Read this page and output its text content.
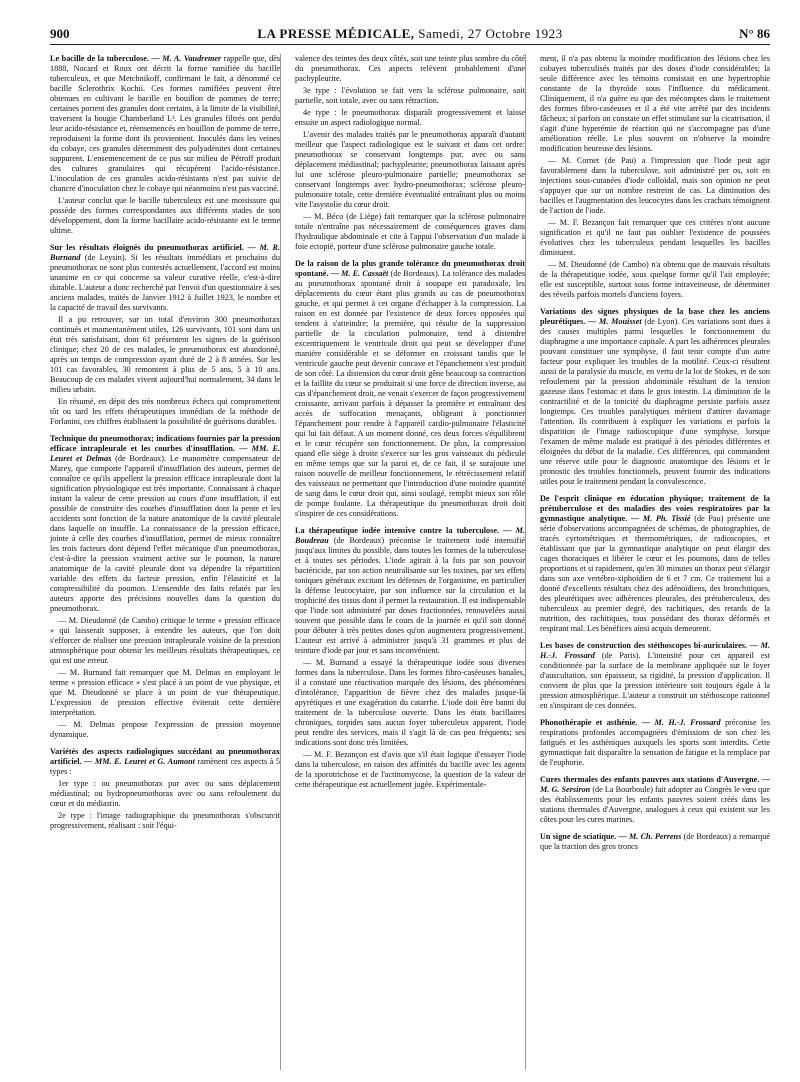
900	LA PRESSE MÉDICALE, Samedi, 27 Octobre 1923	N° 86

Le bacille de la tuberculose. — M. A. Vaudremer rappelle que, dès 1888, Nocard et Roux ont décrit la forme ramifiée du bacille tuberculeux, et que Metchnikoff, confirmant le fait, a dénommé ce bacille Sclerothrix Kochii. Ces formes ramifiées peuvent être obtenues en cultivant le bacille en bouillon de pommes de terre; certaines portent des granules dont certains, à la limite de la visibilité, traversent la bougie Chamberland L³. Les granules filtrés ont perdu leur acido-résistance et, réensemencés en bouillon de pomme de terre, reproduisent la forme dont ils proviennent. Inoculés dans les veines du cobaye, ces granules déterminent des polyadénites dont certaines suppurent. L'ensemencement de ce pus sur milieu de Pétroff produit des cultures granulaires qui récupèrent l'acido-résistance. L'inoculation de ces granules acido-résistants n'est pas suivie de chancre d'inoculation chez le cobaye qui néanmoins n'est pas vacciné.

L'auteur conclut que le bacille tuberculeux est une moisissure qui possède des formes correspondantes aux différents stades de son développement, dont la forme bacillaire acido-résistante est le terme ultime.

Sur les résultats éloignés du pneumothorax artificiel. — M. R. Burnand (de Leysin). Si les résultats immédiats et prochains du pneumothorax ne sont plus contestés actuellement, l'accord est moins unanime en ce qui concerne sa valeur curative réelle, c'est-à-dire durable. L'auteur a donc recherché par l'envoi d'un questionnaire à ses anciens malades, traités de Janvier 1912 à Juillet 1923, le nombre et la capacité de travail des survivants.

Il a pu retrouver, sur un total d'environ 300 pneumothorax continués et momentanément utiles, 126 survivants, 101 sont dans un état très satisfaisant, dont 61 présentent les signes de la guérison clinique; chez 20 de ces malades, le pneumothorax est abandonné, après un temps de compression ayant duré de 2 à 8 années. Sur les 101 cas favorables, 30 remontent à plus de 5 ans, 5 à 10 ans. Beaucoup de ces malades vivent aujourd'hui normalement, 34 dans le milieu urbain.

En résumé, en dépit des très nombreux échecs qui compromettent tôt ou tard les effets thérapeutiques immédiats de la méthode de Forlanini, ces chiffres établissent la possibilité de guérisons durables.

Technique du pneumothorax; indications fournies par la pression efficace intrapleurale et les courbes d'insufflation. — MM. E. Leuret et Delmas (de Bordeaux). Le manomètre compensateur de Marey, que comporte l'appareil d'insufflation des auteurs, permet de connaître ce qu'ils appellent la pression efficace intrapleurale dont la signification physiologique est très importante. Connaissant à chaque instant la valeur de cette pression au cours d'une insufflation, il est possible de construire des courbes d'insufflation dont la pente et les accidents sont fonction de la nature anatomique de la cavité pleurale dans laquelle on insuffle. La connaissance de la pression efficace, jointe à celle des courbes d'insufflation, permet de mieux connaître les trois facteurs dont dépend l'effet mécanique d'un pneumothorax, c'est-à-dire la pression vraiment active sur le poumon, la nature anatomique de la cavité pleurale dont va dépendre la répartition variable des effets du facteur pression, enfin l'élasticité et la compressibilité du poumon. L'ensemble des faits relatés par les auteurs apporte des précisions nouvelles dans la question du pneumothorax.

— M. Dieudonné (de Cambo) critique le terme « pression efficace » qui laisserait supposer, à entendre les auteurs, que l'on doit s'efforcer de réaliser une pression intrapleurale voisine de la pression atmosphérique pour obtenir les meilleurs résultats thérapeutiques, ce qui est une erreur.

— M. Burnand fait remarquer que M. Delmas en employant le terme « pression efficace » s'est placé à un point de vue physique, et que M. Dieudonné se place à un point de vue thérapeutique. L'expression de pression effective éviterait cette dernière interprétation.

— M. Delmas propose l'expression de pression moyenne dynamique.

Variétés des aspects radiologiques succédant au pneumothorax artificiel. — MM. E. Leuret et G. Aumont ramènent ces aspects à 5 types :

1er type : ou pneumothorax pur avec ou sans déplacement médiastinal; ou hydropneumothorax avec ou sans refoulement du cœur et du médiastin.

2e type : l'image radiographique du pneumothorax s'obscurcit progressivement, réalisant : soit l'équi-

valence des teintes des deux côtés, soit une teinte plus sombre du côté du pneumothorax. Ces aspects relèvent probablement d'une pachypleurite.

3e type : l'évolution se fait vers la sclérose pulmonaire, soit partielle, soit totale, avec ou sans rétraction.

4e type : le pneumothorax disparaît progressivement et laisse ensuite un aspect radiologique normal.

L'avenir des malades traités par le pneumothorax apparaît d'autant meilleur que l'aspect radiologique est le suivant et dans cet ordre: pneumothorax se conservant longtemps pur, avec ou sans déplacement médiastinal; pachypleurite; pneumothorax laissant après lui une sclérose pleuro-pulmonaire partielle; pneumothorax se conservant longtemps avec hydro-pneumothorax; sclérose pleuro-pulmonaire totale, cette dernière éventualité entraînant plus ou moins vite l'asystolie du cœur droit.

— M. Béco (de Liège) fait remarquer que la sclérose pulmonaire totale n'entraîne pas nécessairement de conséquences graves dans l'hydraulique abdominale et cite à l'appui l'observation d'un malade à foie ectopié, porteur d'une sclérose pulmonaire gauche totale.

De la raison de la plus grande tolérance du pneumothorax droit spontané. — M. E. Cassaët (de Bordeaux). La tolérance des malades au pneumothorax spontané droit à soupape est paradoxale, les déplacements du cœur étant plus grands au cas de pneumothorax gauche, et qui permet à cet organe d'échapper à la compression. La raison en est donnée par l'existence de deux forces opposées qui tendent à s'atteindre; la première, qui résulte de la suppression partielle de la circulation pulmonaire, tend à distendre excentriquement le ventricule droit qui peut se développer d'une manière considérable et se déformer en croissant tandis que le ventricule gauche peut devenir concave et l'épanchement s'est produit de son côté. La distension du cœur droit gêne beaucoup sa contraction et la faillite du cœur se produirait si une force de direction inverse, au cas d'épanchement droit, ne venait s'exercer de façon progressivement croissante, arrivant parfois à dépasser la première et entraînant des accès de suffocation menaçants, obligeant à ponctionner l'épanchement pour rendre à l'appareil cardio-pulmonaire l'élasticité qui lui fait défaut. A un moment donné, ces deux forces s'équilibrent et le cœur récupère son fonctionnement. De plus, la compression quand elle siège à droite s'exerce sur les gros vaisseaux du pédicule en même temps que sur la paroi et, de ce fait, il se surajoute une raison nouvelle de meilleur fonctionnement, le rétrécissement relatif des vaisseaux ne permettant que l'introduction d'une moindre quantité de sang dans le cœur droit qui, ainsi soulagé, remplit mieux son rôle de pompe foulante. La thérapeutique du pneumothorax droit doit s'inspirer de ces considérations.

La thérapeutique iodée intensive contre la tuberculose. — M. Boudreau (de Bordeaux) préconise le traitement iodé intensifié jusqu'aux limites du possible, dans toutes les formes de la tuberculose et à toutes ses périodes. L'iode agirait à la fois par son pouvoir bactéricide, par son action neutralisante sur les toxines, par ses effets toniques généraux excitant les défenses de l'organisme, en particulier la défense leucocytaire, par son influence sur la circulation et la trophicité des tissus dont il permet la restauration. Il est indispensable que l'iode soit administré par doses fractionnées, renouvelées aussi souvent que possible dans le cours de la journée et qu'il soit donné pour débuter à très petites doses qu'on augmentera progressivement. L'auteur est arrivé à administrer jusqu'à 31 grammes et plus de teinture d'iode par jour et sans inconvénient.

— M. Burnand a essayé la thérapeutique iodée sous diverses formes dans la tuberculose. Dans les formes fibro-caséeuses banales, il a constaté une réactivation marquée des lésions, des phénomènes d'intolérance, l'apparition de fièvre chez des malades jusque-là apyrétiques et une exagération du catarrhe. L'iode doit être banni du traitement de la tuberculose ouverte. Dans les états bacillaires chroniques, torpides sans aucun foyer tuberculeux apparent, l'iode peut rendre des services, mais il s'agit là de cas peu fréquents; ses indications sont donc très limitées.

— M. F. Bezançon est d'avis que s'il était logique d'essayer l'iode dans la tuberculose, en raison des affinités du bacille avec les agents de la sporotrichose et de l'actinomycose, la question de la valeur de cette thérapeutique est actuellement jugée. Expérimentale-

ment, il n'a pas obtenu la moindre modification des lésions chez les cobayes tuberculisés traités par des doses d'iode considérables; la seule différence avec les témoins consistait en une hypertrophie constante de la thyroïde sous l'influence du médicament. Cliniquement, il n'a guère eu que des mécomptes dans le traitement des formes fibro-caséeuses et il a été vite arrêté par des incidents fâcheux; si parfois on constate un effet stimulant sur la cicatrisation, il s'agit d'une hyperémie de réaction qui ne s'accompagne pas d'une amélioration réelle. Le plus souvent on n'observe la moindre modification heureuse des lésions.

— M. Cornet (de Pau) a l'impression que l'iode peut agir favorablement dans la tuberculose, soit administré per os, soit en injections sous-cutanées d'iode colloïdal, mais son opinion ne peut s'appuyer que sur un nombre restreint de cas. La diminution des bacilles et l'augmentation des leucocytes dans les crachats témoignent de l'action de l'iode.

— M. F. Bezançon fait remarquer que ces critères n'ont aucune signification et qu'il ne faut pas oublier l'existence de poussées évolutives chez les tuberculeux pendant lesquelles les bacilles diminuent.

— M. Dieudonné (de Cambo) n'a obtenu que de mauvais résultats de la thérapeutique iodée, sous quelque forme qu'il l'ait employée; elle est susceptible, surtout sous forme intraveineuse, de déterminer des réveils parfois mortels d'anciens foyers.

Variations des signes physiques de la base chez les anciens pleurétiques. — M. Mouisset (de Lyon). Ces variations sont dues à des causes multiples parmi lesquelles le fonctionnement du diaphragme a une importance capitale. A part les adhérences pleurales pouvant constituer une symphyse, il faut tenir compte d'un autre facteur pour expliquer les troubles de la motilité. Ceux-ci résultent aussi de la paralysie du muscle, en vertu de la loi de Stokes, et de son refoulement par la pression abdominale résultant de la tension gazeuse dans l'estomac et dans le gros intestin. La diminution de la contractilité et de la tonicité du diaphragme persiste parfois assez longtemps. Ces troubles paralytiques méritent d'attirer davantage l'attention. Ils contribuent à expliquer les variations et parfois la disparition de l'image radioscopique d'une symphyse, lorsque l'examen de même malade est pratiqué à des périodes différentes et éloignées du début de la maladie. Ces différences, qui commandent une réserve utile pour le diagnostic anatomique des lésions et le pronostic des troubles fonctionnels, peuvent fournir des indications utiles pour le traitement pendant la convalescence.

De l'esprit clinique en éducation physique; traitement de la prétuberculose et des maladies des voies respiratoires par la gymnastique analytique. — M. Ph. Tissié (de Pau) présente une série d'observations accompagnées de schémas, de photographies, de tracés cyrtométriques et thermométriques, de radioscopies, et établissant que par la gymnastique analytique on peut élargir des cages thoraciques et libérer le cœur et les poumons, dans de telles proportions et si rapidement, qu'en 30 minutes un thorax peut s'élargir dans son axe vertébro-xiphoïdien de 6 et 7 cm. Ce traitement lui a donné d'excellents résultats chez des adénoïdiens, des bronchitiques, des pleurétiques avec adhérences pleurales, des prétuberculeux, des tuberculeux au premier degré, des rachitiques, des retards de la nutrition, des rachitiques, tous possédant des thorax déformés et respirant mal. Les bénéfices ainsi acquis demeurent.

Les bases de construction des stéthoscopes bi-auriculaires. — M. H.-J. Frossard (de Paris). L'intensité pour cet appareil est conditionnée par la surface de la membrane appliquée sur le foyer d'auscultation, son épaisseur, sa rigidité, la pression d'application. Il convient de plus que la pression intérieure soit toujours égale à la pression atmosphérique. L'auteur a construit un stéthoscope rationnel en s'inspirant de ces données.

Phonothérapie et asthénie. — M. H.-J. Frossard préconise les respirations profondes accompagnées d'émissions de son chez les fatigués et les asthéniques auxquels les sports sont interdits. Cette gymnastique fait disparaître la sensation de fatigue et la remplace par de l'euphorie.

Cures thermales des enfants pauvres aux stations d'Auvergne. — M. G. Sersiron (de La Bourboule) fait adopter au Congrès le vœu que des établissements pour les enfants pauvres soient créés dans les stations thermales d'Auvergne, analogues à ceux qui existent sur les côtes pour les cures marines.

Un signe de sciatique. — M. Ch. Perrens (de Bordeaux) a remarqué que la traction des gros troncs
